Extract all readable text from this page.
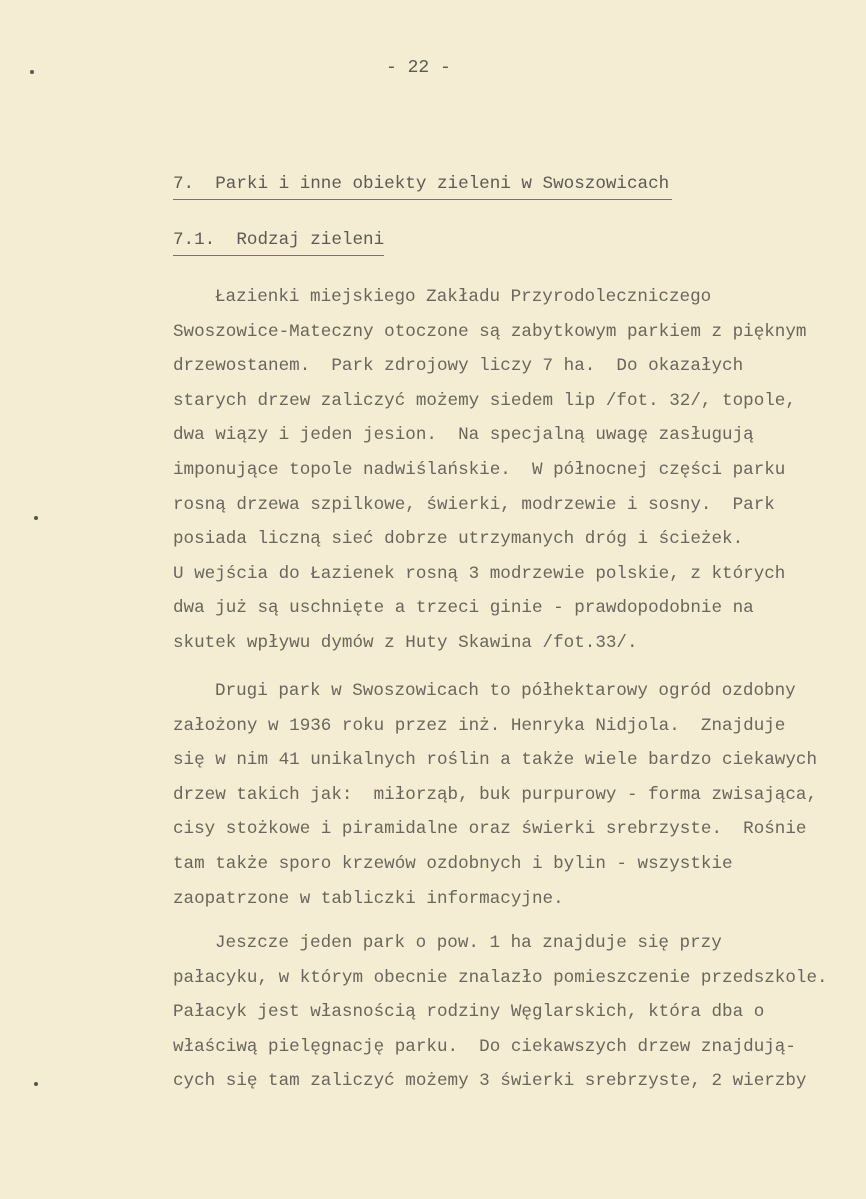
- 22 -
7.  Parki i inne obiekty zieleni w Swoszowicach
7.1.  Rodzaj zieleni
Łazienki miejskiego Zakładu Przyrodoleczniczego
Swoszowice-Mateczny otoczone są zabytkowym parkiem z pięknym
drzewostanem.  Park zdrojowy liczy 7 ha.  Do okazałych
starych drzew zaliczyć możemy siedem lip /fot. 32/, topole,
dwa wiązy i jeden jesion.  Na specjalną uwagę zasługują
imponujące topole nadwiślańskie.  W północnej części parku
rosną drzewa szpilkowe, świerki, modrzewie i sosny.  Park
posiada liczną sieć dobrze utrzymanych dróg i ścieżek.
U wejścia do Łazienek rosną 3 modrzewie polskie, z których
dwa już są uschnięte a trzeci ginie - prawdopodobnie na
skutek wpływu dymów z Huty Skawina /fot.33/.
Drugi park w Swoszowicach to półhektarowy ogród ozdobny
założony w 1936 roku przez inż. Henryka Nidjola.  Znajduje
się w nim 41 unikalnych roślin a także wiele bardzo ciekawych
drzew takich jak:  miłorząb, buk purpurowy - forma zwisająca,
cisy stożkowe i piramidalne oraz świerki srebrzyste.  Rośnie
tam także sporo krzewów ozdobnych i bylin - wszystkie
zaopatrzone w tabliczki informacyjne.
Jeszcze jeden park o pow. 1 ha znajduje się przy
pałacyku, w którym obecnie znalazło pomieszczenie przedszkole.
Pałacyk jest własnością rodziny Węglarskich, która dba o
właściwą pielęgnację parku.  Do ciekawszych drzew znajdują-
cych się tam zaliczyć możemy 3 świerki srebrzyste, 2 wierzby
